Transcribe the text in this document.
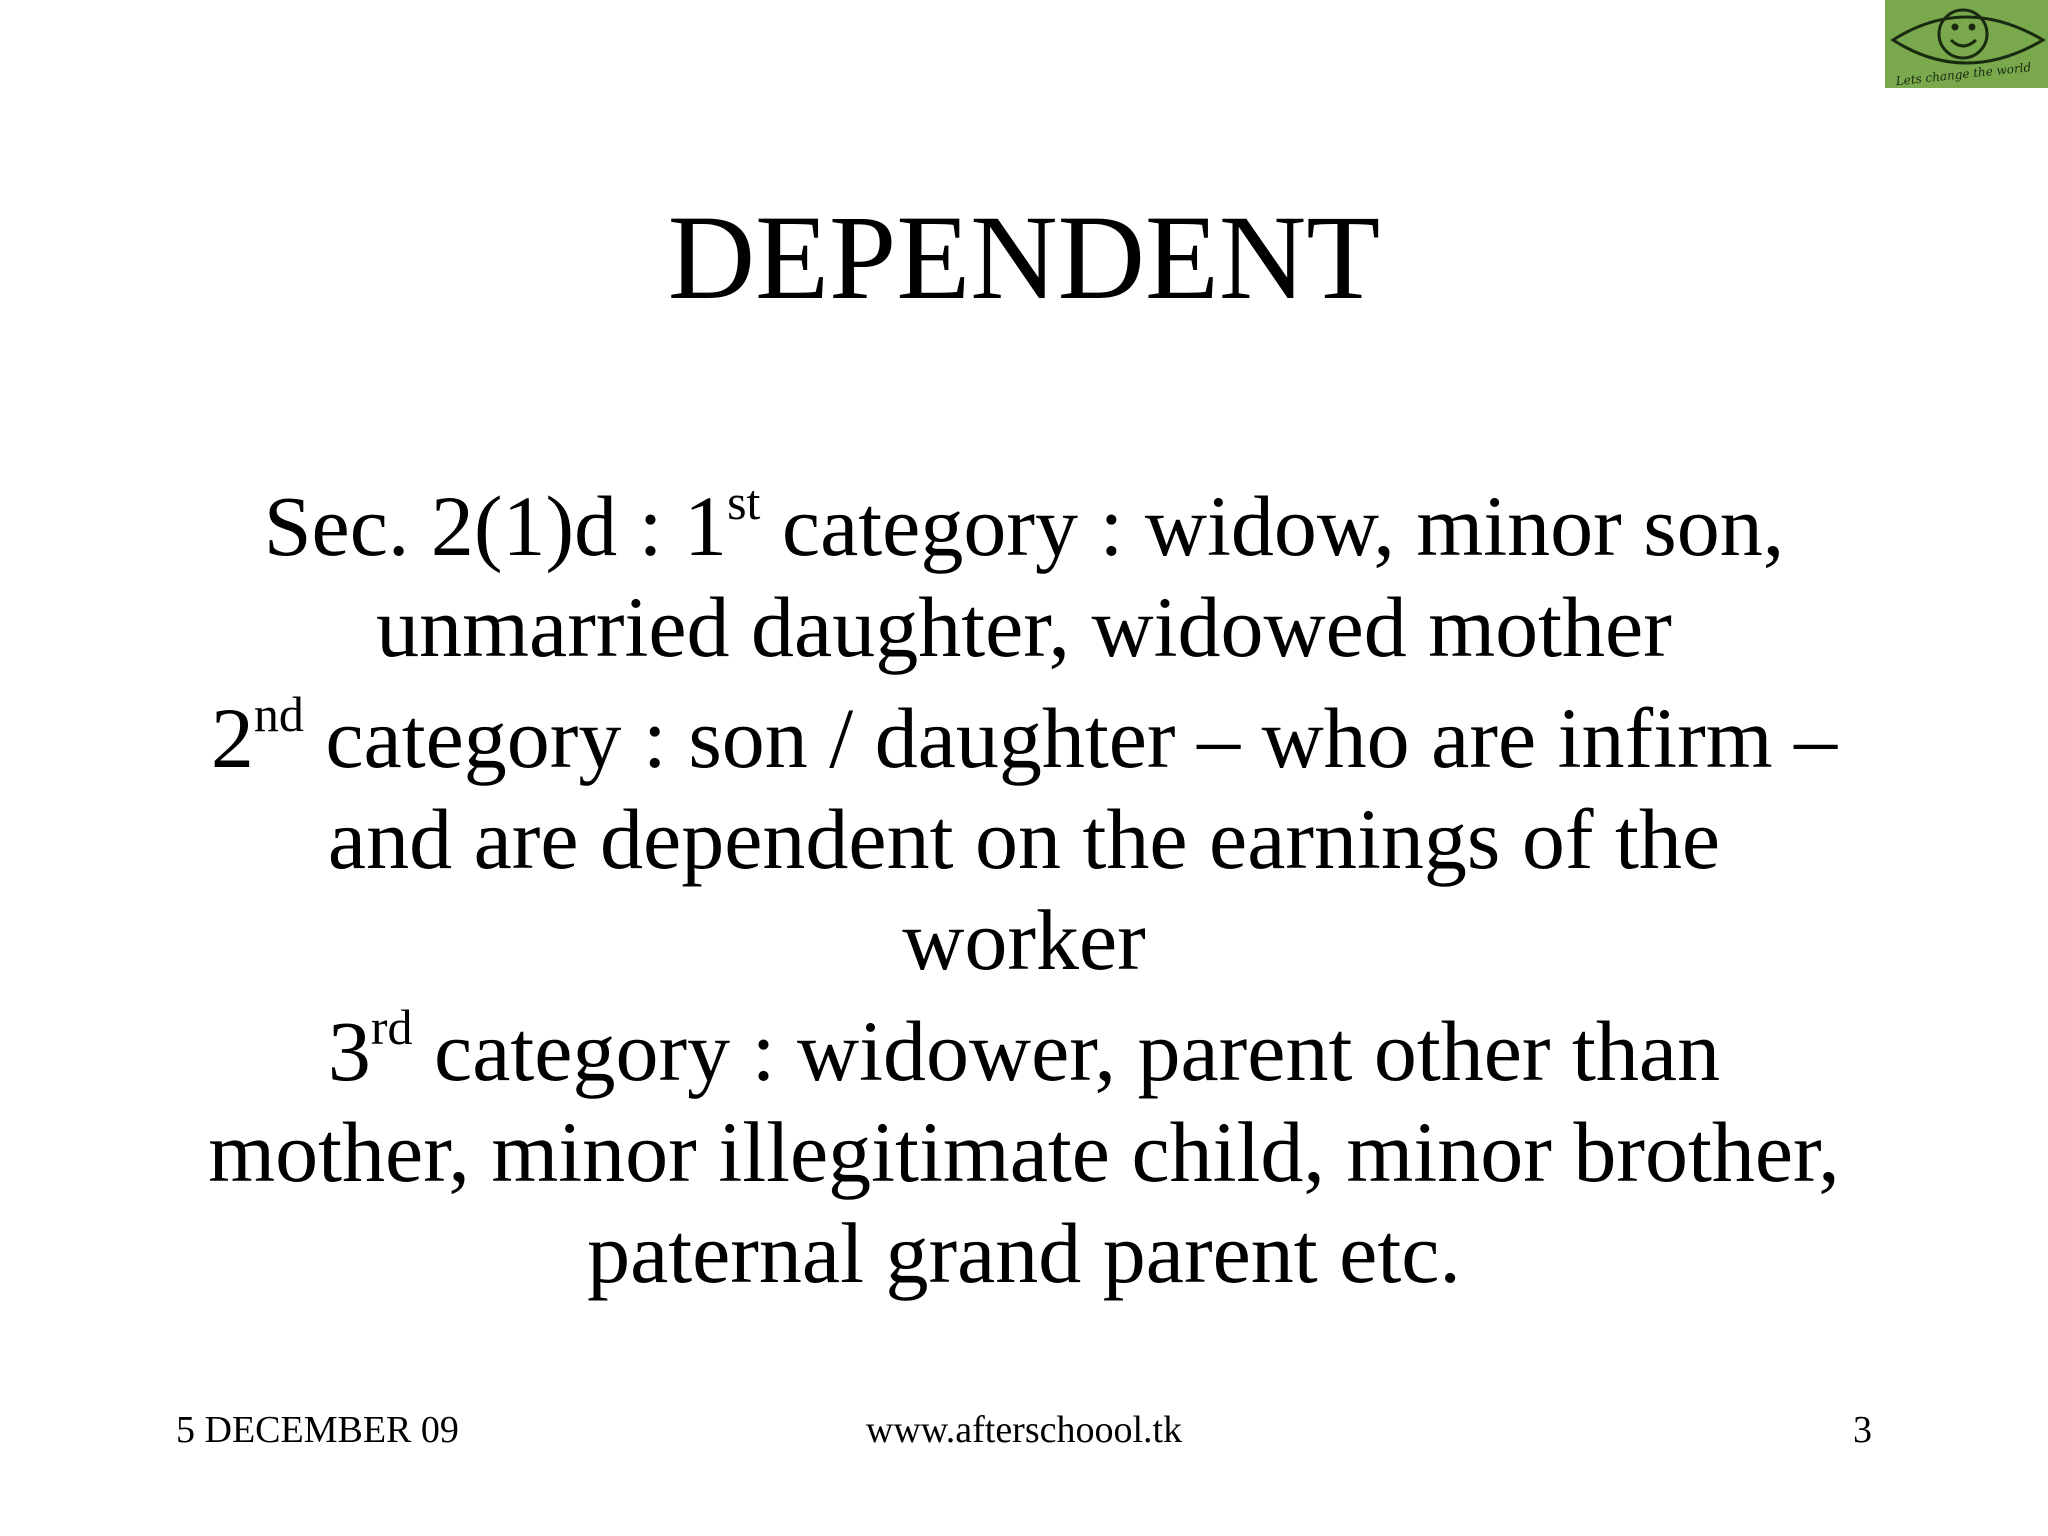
Lets change the world
DEPENDENT
Sec. 2(1)d : 1st category : widow, minor son,
unmarried daughter, widowed mother
2nd category : son / daughter – who are infirm –
and are dependent on the earnings of the
worker
3rd category : widower, parent other than
mother, minor illegitimate child, minor brother,
paternal grand parent etc.
5 DECEMBER 09	www.afterschoool.tk	3
